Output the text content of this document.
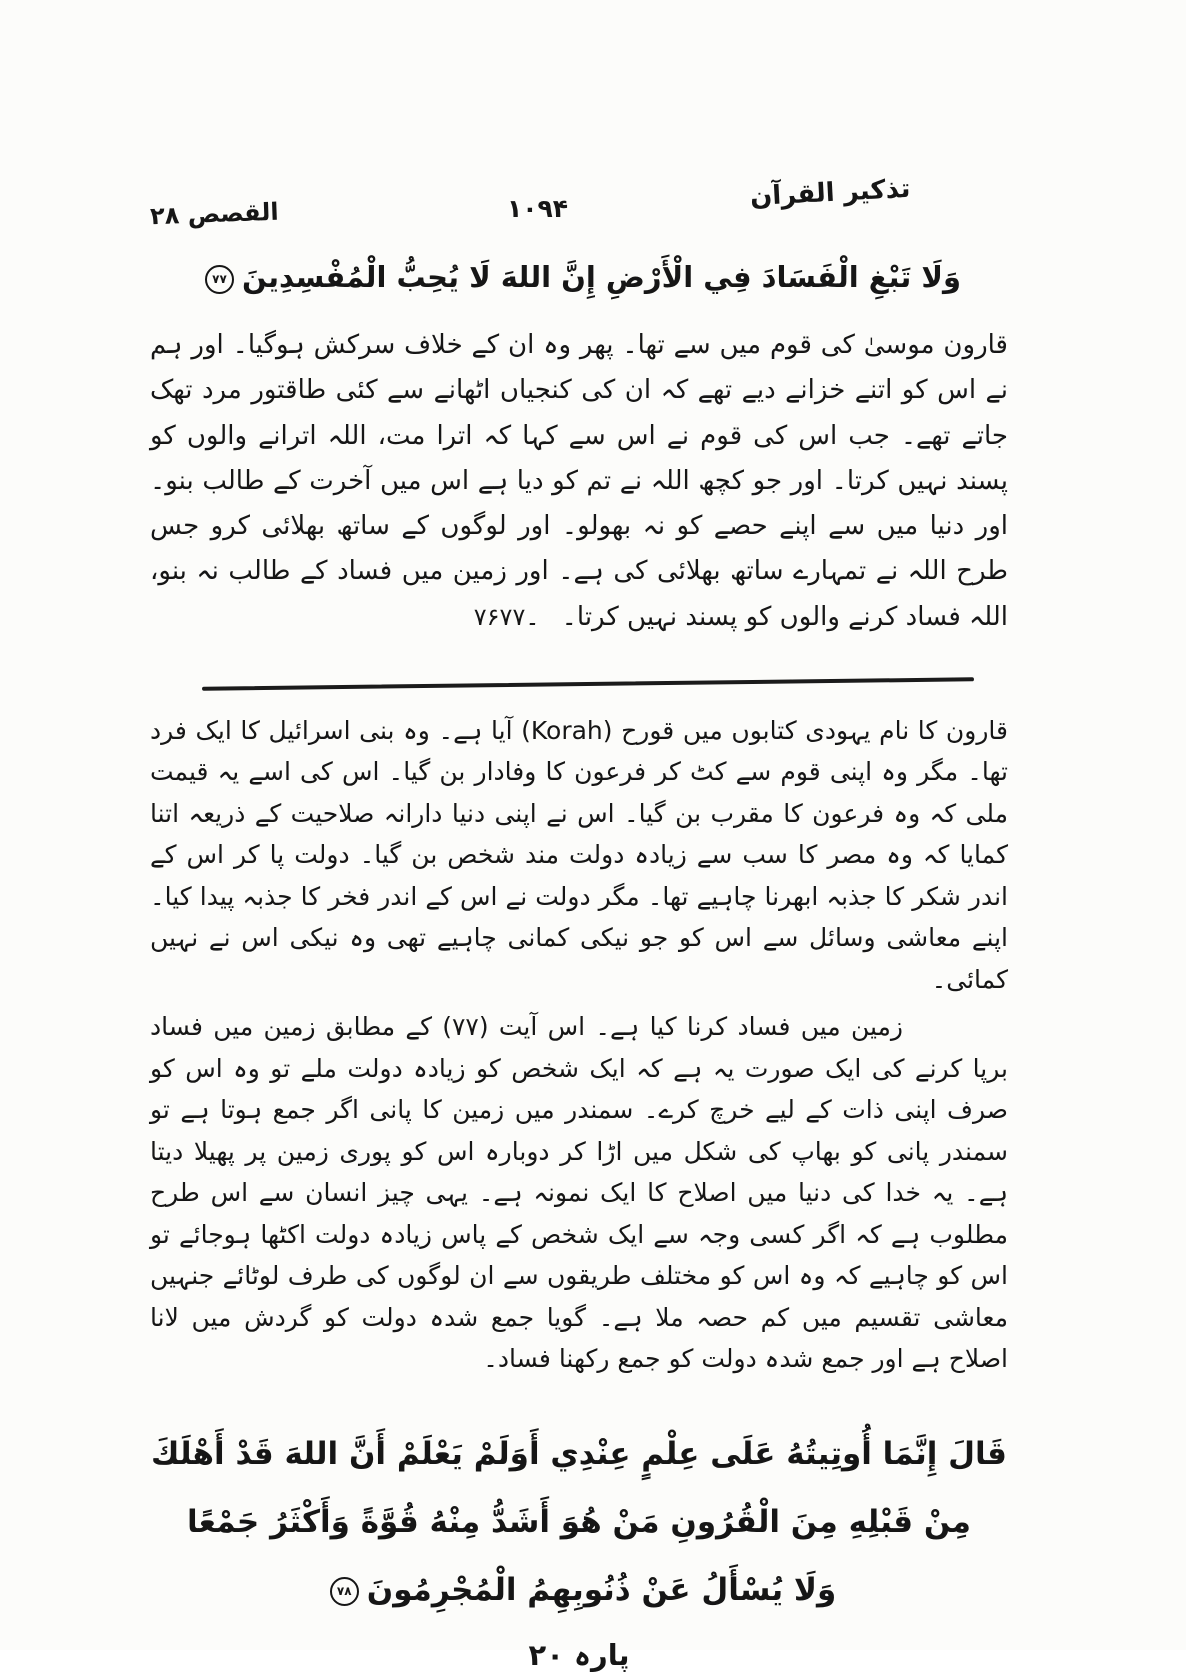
تذکیر القرآن
۱۰۹۴
القصص ۲۸
وَلَا تَبْغِ الْفَسَادَ فِي الْأَرْضِ إِنَّ اللهَ لَا يُحِبُّ الْمُفْسِدِينَ۷۷

قارون موسیٰ کی قوم میں سے تھا۔ پھر وہ ان کے خلاف سرکش ہوگیا۔ اور ہم نے اس کو اتنے خزانے دیے تھے کہ ان کی کنجیاں اٹھانے سے کئی طاقتور مرد تھک جاتے تھے۔ جب اس کی قوم نے اس سے کہا کہ اترا مت، اللہ اترانے والوں کو پسند نہیں کرتا۔ اور جو کچھ اللہ نے تم کو دیا ہے اس میں آخرت کے طالب بنو۔ اور دنیا میں سے اپنے حصے کو نہ بھولو۔ اور لوگوں کے ساتھ بھلائی کرو جس طرح اللہ نے تمہارے ساتھ بھلائی کی ہے۔ اور زمین میں فساد کے طالب نہ بنو، اللہ فساد کرنے والوں کو پسند نہیں کرتا۔ ۷۶۔۷۷

قارون کا نام یہودی کتابوں میں قورح (Korah) آیا ہے۔ وہ بنی اسرائیل کا ایک فرد تھا۔ مگر وہ اپنی قوم سے کٹ کر فرعون کا وفادار بن گیا۔ اس کی اسے یہ قیمت ملی کہ وہ فرعون کا مقرب بن گیا۔ اس نے اپنی دنیا دارانہ صلاحیت کے ذریعہ اتنا کمایا کہ وہ مصر کا سب سے زیادہ دولت مند شخص بن گیا۔ دولت پا کر اس کے اندر شکر کا جذبہ ابھرنا چاہیے تھا۔ مگر دولت نے اس کے اندر فخر کا جذبہ پیدا کیا۔ اپنے معاشی وسائل سے اس کو جو نیکی کمانی چاہیے تھی وہ نیکی اس نے نہیں کمائی۔

زمین میں فساد کرنا کیا ہے۔ اس آیت (۷۷) کے مطابق زمین میں فساد برپا کرنے کی ایک صورت یہ ہے کہ ایک شخص کو زیادہ دولت ملے تو وہ اس کو صرف اپنی ذات کے لیے خرچ کرے۔ سمندر میں زمین کا پانی اگر جمع ہوتا ہے تو سمندر پانی کو بھاپ کی شکل میں اڑا کر دوبارہ اس کو پوری زمین پر پھیلا دیتا ہے۔ یہ خدا کی دنیا میں اصلاح کا ایک نمونہ ہے۔ یہی چیز انسان سے اس طرح مطلوب ہے کہ اگر کسی وجہ سے ایک شخص کے پاس زیادہ دولت اکٹھا ہوجائے تو اس کو چاہیے کہ وہ اس کو مختلف طریقوں سے ان لوگوں کی طرف لوٹائے جنہیں معاشی تقسیم میں کم حصہ ملا ہے۔ گویا جمع شدہ دولت کو گردش میں لانا اصلاح ہے اور جمع شدہ دولت کو جمع رکھنا فساد۔

قَالَ إِنَّمَا أُوتِيتُهُ عَلَى عِلْمٍ عِنْدِي أَوَلَمْ يَعْلَمْ أَنَّ اللهَ قَدْ أَهْلَكَ
مِنْ قَبْلِهِ مِنَ الْقُرُونِ مَنْ هُوَ أَشَدُّ مِنْهُ قُوَّةً وَأَكْثَرُ جَمْعًا
وَلَا يُسْأَلُ عَنْ ذُنُوبِهِمُ الْمُجْرِمُونَ۷۸
پارہ ۲۰
